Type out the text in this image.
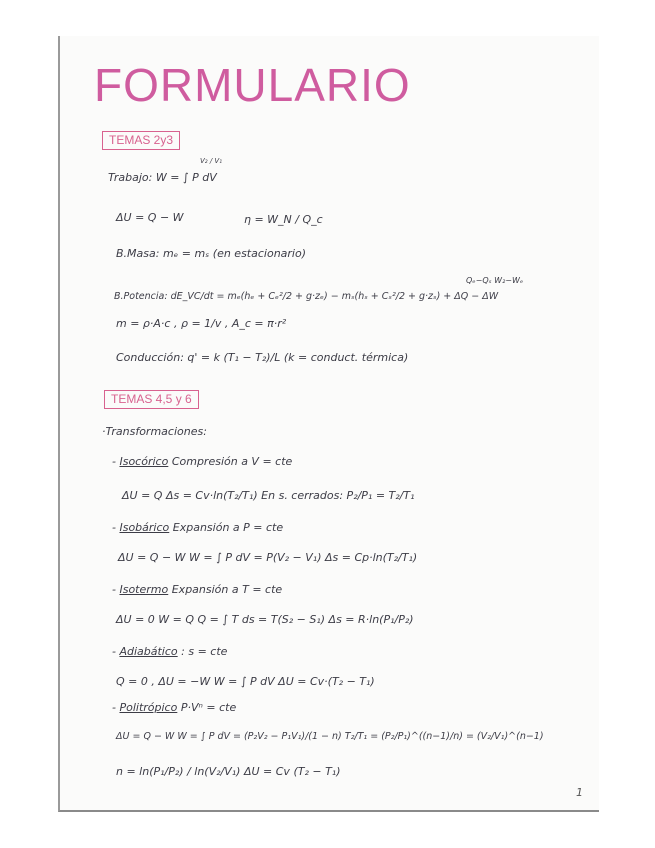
FORMULARIO
TEMAS 2y3
Trabajo: W = ∫ P dV
V₂ / V₁
ΔU = Q − W	η = W_N / Q_c
B.Masa: mₑ = mₛ (en estacionario)
Qₑ−Qₛ W₂−Wₑ
B.Potencia: dE_VC/dt = mₑ(hₑ + Cₑ²/2 + g·zₑ) − mₛ(hₛ + Cₛ²/2 + g·zₛ) + ΔQ − ΔW
m = ρ·A·c , ρ = 1/v , A_c = π·r²
Conducción: q' = k (T₁ − T₂)/L (k = conduct. térmica)
TEMAS 4,5 y 6
·Transformaciones:
- Isocórico Compresión a V = cte
ΔU = Q Δs = Cv·ln(T₂/T₁) En s. cerrados: P₂/P₁ = T₂/T₁
- Isobárico Expansión a P = cte
ΔU = Q − W W = ∫ P dV = P(V₂ − V₁) Δs = Cp·ln(T₂/T₁)
- Isotermo Expansión a T = cte
ΔU = 0 W = Q Q = ∫ T ds = T(S₂ − S₁) Δs = R·ln(P₁/P₂)
- Adiabático : s = cte
Q = 0 , ΔU = −W W = ∫ P dV ΔU = Cv·(T₂ − T₁)
- Politrópico P·Vⁿ = cte
ΔU = Q − W W = ∫ P dV = (P₂V₂ − P₁V₁)/(1 − n) T₂/T₁ = (P₂/P₁)^((n−1)/n) = (V₂/V₁)^(n−1)
n = ln(P₁/P₂) / ln(V₂/V₁) ΔU = Cv (T₂ − T₁)
1
